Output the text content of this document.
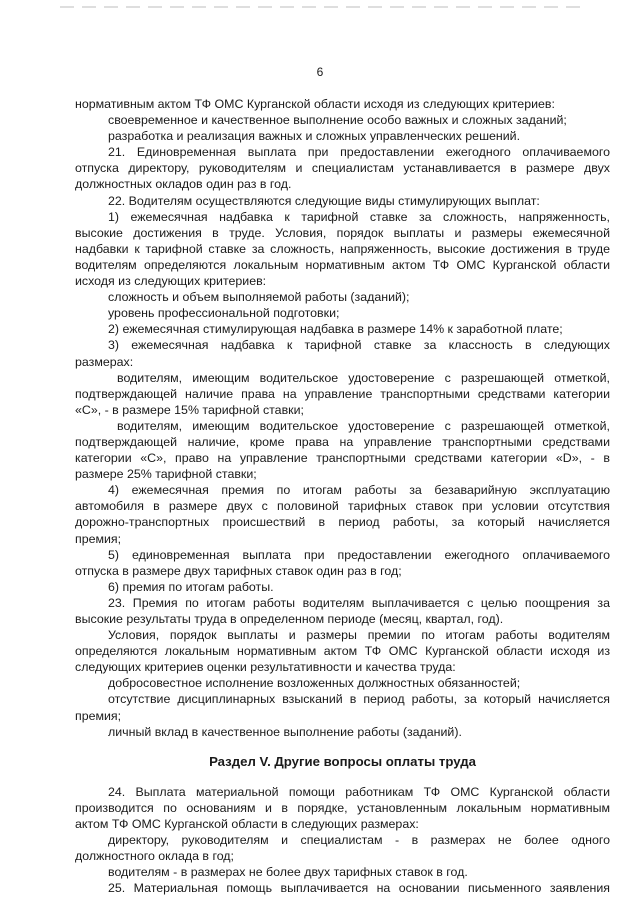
6
нормативным актом ТФ ОМС Курганской области исходя из следующих критериев:
своевременное и качественное выполнение особо важных и сложных заданий;
разработка и реализация важных и сложных управленческих решений.
21. Единовременная выплата при предоставлении ежегодного оплачиваемого
отпуска директору, руководителям и специалистам устанавливается в размере двух
должностных окладов один раз в год.
22. Водителям осуществляются следующие виды стимулирующих выплат:
1) ежемесячная надбавка к тарифной ставке за сложность, напряженность,
высокие достижения в труде. Условия, порядок выплаты и размеры ежемесячной
надбавки к тарифной ставке за сложность, напряженность, высокие достижения в труде
водителям определяются локальным нормативным актом ТФ ОМС Курганской области
исходя из следующих критериев:
сложность и объем выполняемой работы (заданий);
уровень профессиональной подготовки;
2) ежемесячная стимулирующая надбавка в размере 14% к заработной плате;
3) ежемесячная надбавка к тарифной ставке за классность в следующих
размерах:
водителям, имеющим водительское удостоверение с разрешающей отметкой,
подтверждающей наличие права на управление транспортными средствами категории
«С», - в размере 15% тарифной ставки;
водителям, имеющим водительское удостоверение с разрешающей отметкой,
подтверждающей наличие, кроме права на управление транспортными средствами
категории «С», право на управление транспортными средствами категории «D», - в
размере 25% тарифной ставки;
4) ежемесячная премия по итогам работы за безаварийную эксплуатацию
автомобиля в размере двух с половиной тарифных ставок при условии отсутствия
дорожно-транспортных происшествий в период работы, за который начисляется
премия;
5) единовременная выплата при предоставлении ежегодного оплачиваемого
отпуска в размере двух тарифных ставок один раз в год;
6) премия по итогам работы.
23. Премия по итогам работы водителям выплачивается с целью поощрения за
высокие результаты труда в определенном периоде (месяц, квартал, год).
Условия, порядок выплаты и размеры премии по итогам работы водителям
определяются локальным нормативным актом ТФ ОМС Курганской области исходя из
следующих критериев оценки результативности и качества труда:
добросовестное исполнение возложенных должностных обязанностей;
отсутствие дисциплинарных взысканий в период работы, за который начисляется
премия;
личный вклад в качественное выполнение работы (заданий).
Раздел V. Другие вопросы оплаты труда
24. Выплата материальной помощи работникам ТФ ОМС Курганской области
производится по основаниям и в порядке, установленным локальным нормативным
актом ТФ ОМС Курганской области в следующих размерах:
директору, руководителям и специалистам - в размерах не более одного
должностного оклада в год;
водителям - в размерах не более двух тарифных ставок в год.
25. Материальная помощь выплачивается на основании письменного заявления
